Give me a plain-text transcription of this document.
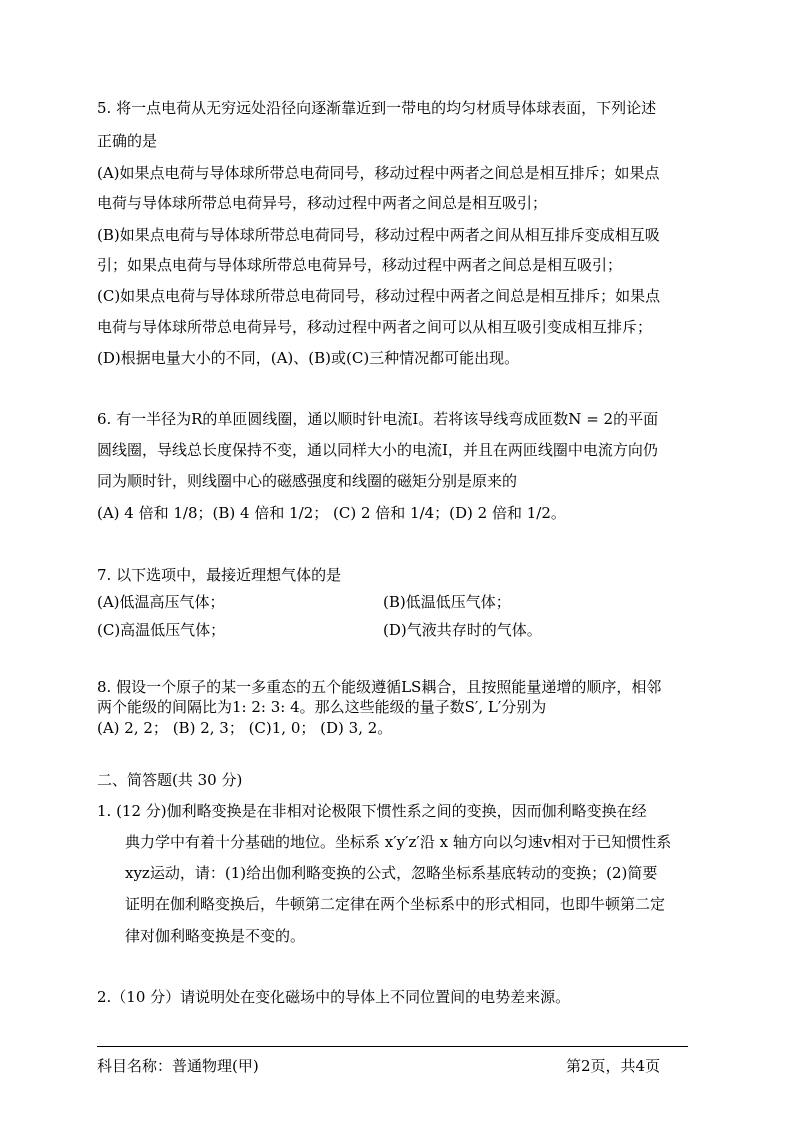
5. 将一点电荷从无穷远处沿径向逐渐靠近到一带电的均匀材质导体球表面，下列论述
正确的是
(A)如果点电荷与导体球所带总电荷同号，移动过程中两者之间总是相互排斥；如果点
电荷与导体球所带总电荷异号，移动过程中两者之间总是相互吸引；
(B)如果点电荷与导体球所带总电荷同号，移动过程中两者之间从相互排斥变成相互吸
引；如果点电荷与导体球所带总电荷异号，移动过程中两者之间总是相互吸引；
(C)如果点电荷与导体球所带总电荷同号，移动过程中两者之间总是相互排斥；如果点
电荷与导体球所带总电荷异号，移动过程中两者之间可以从相互吸引变成相互排斥；
(D)根据电量大小的不同，(A)、(B)或(C)三种情况都可能出现。
6. 有一半径为R的单匝圆线圈，通以顺时针电流I。若将该导线弯成匝数N = 2的平面
圆线圈，导线总长度保持不变，通以同样大小的电流I，并且在两匝线圈中电流方向仍
同为顺时针，则线圈中心的磁感强度和线圈的磁矩分别是原来的
(A) 4 倍和 1/8；(B) 4 倍和 1/2； (C) 2 倍和 1/4；(D) 2 倍和 1/2。
7. 以下选项中，最接近理想气体的是
(A)低温高压气体；	(B)低温低压气体；
(C)高温低压气体；	(D)气液共存时的气体。
8. 假设一个原子的某一多重态的五个能级遵循LS耦合，且按照能量递增的顺序，相邻
两个能级的间隔比为1: 2: 3: 4。那么这些能级的量子数S′, L′分别为
(A) 2, 2； (B) 2, 3； (C)1, 0； (D) 3, 2。
二、简答题(共 30 分)
1. (12 分)伽利略变换是在非相对论极限下惯性系之间的变换，因而伽利略变换在经
典力学中有着十分基础的地位。坐标系 x′y′z′沿 x 轴方向以匀速v相对于已知惯性系
xyz运动，请：(1)给出伽利略变换的公式，忽略坐标系基底转动的变换；(2)简要
证明在伽利略变换后，牛顿第二定律在两个坐标系中的形式相同，也即牛顿第二定
律对伽利略变换是不变的。
2.（10 分）请说明处在变化磁场中的导体上不同位置间的电势差来源。
科目名称：普通物理(甲)	第2页，共4页
